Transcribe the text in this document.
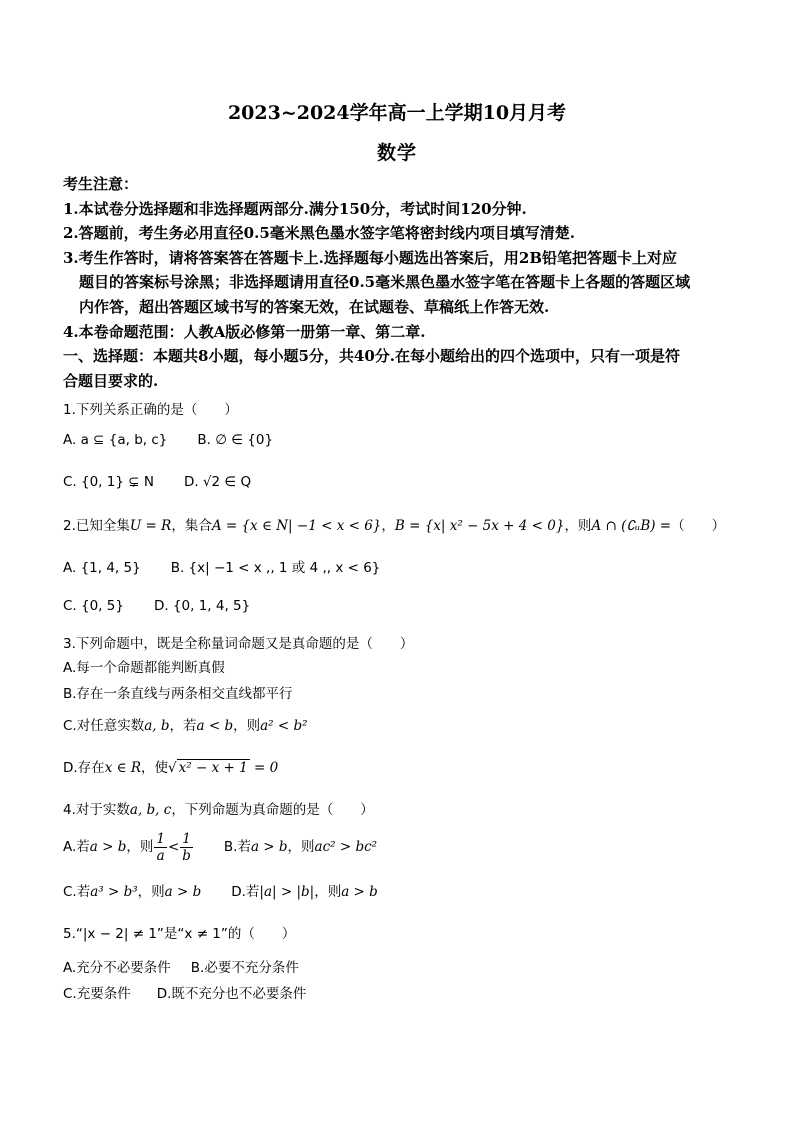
2023~2024学年高一上学期10月月考
数学
考生注意：
1.本试卷分选择题和非选择题两部分.满分150分，考试时间120分钟.
2.答题前，考生务必用直径0.5毫米黑色墨水签字笔将密封线内项目填写清楚.
3.考生作答时，请将答案答在答题卡上.选择题每小题选出答案后，用2B铅笔把答题卡上对应
题目的答案标号涂黑；非选择题请用直径0.5毫米黑色墨水签字笔在答题卡上各题的答题区域
内作答，超出答题区域书写的答案无效，在试题卷、草稿纸上作答无效.
4.本卷命题范围：人教A版必修第一册第一章、第二章.
一、选择题：本题共8小题，每小题5分，共40分.在每小题给出的四个选项中，只有一项是符
合题目要求的.
1.下列关系正确的是（　　）
A. a ⊆ {a, b, c} B. ∅ ∈ {0}
C. {0, 1} ⊊ N D. √2 ∈ Q
2.已知全集U = R，集合A = {x ∈ N| −1 < x < 6}，B = {x| x² − 5x + 4 < 0}，则A ∩ (∁ᵤB) =（　　）
A. {1, 4, 5} B. {x| −1 < x ,, 1 或 4 ,, x < 6}
C. {0, 5} D. {0, 1, 4, 5}
3.下列命题中，既是全称量词命题又是真命题的是（　　）
A.每一个命题都能判断真假
B.存在一条直线与两条相交直线都平行
C.对任意实数a, b，若a < b，则a² < b²
D.存在x ∈ R，使√ x² − x + 1 = 0
4.对于实数a, b, c，下列命题为真命题的是（　　）
A.若a > b，则 $\frac{1}{a} < \frac{1}{b} B$.若a > b，则ac² > bc²
C.若a³ > b³，则a > b D.若|a| > |b|，则a > b
5.“|x − 2| ≠ 1”是“x ≠ 1”的（　　）
A.充分不必要条件 B.必要不充分条件
C.充要条件 D.既不充分也不必要条件
